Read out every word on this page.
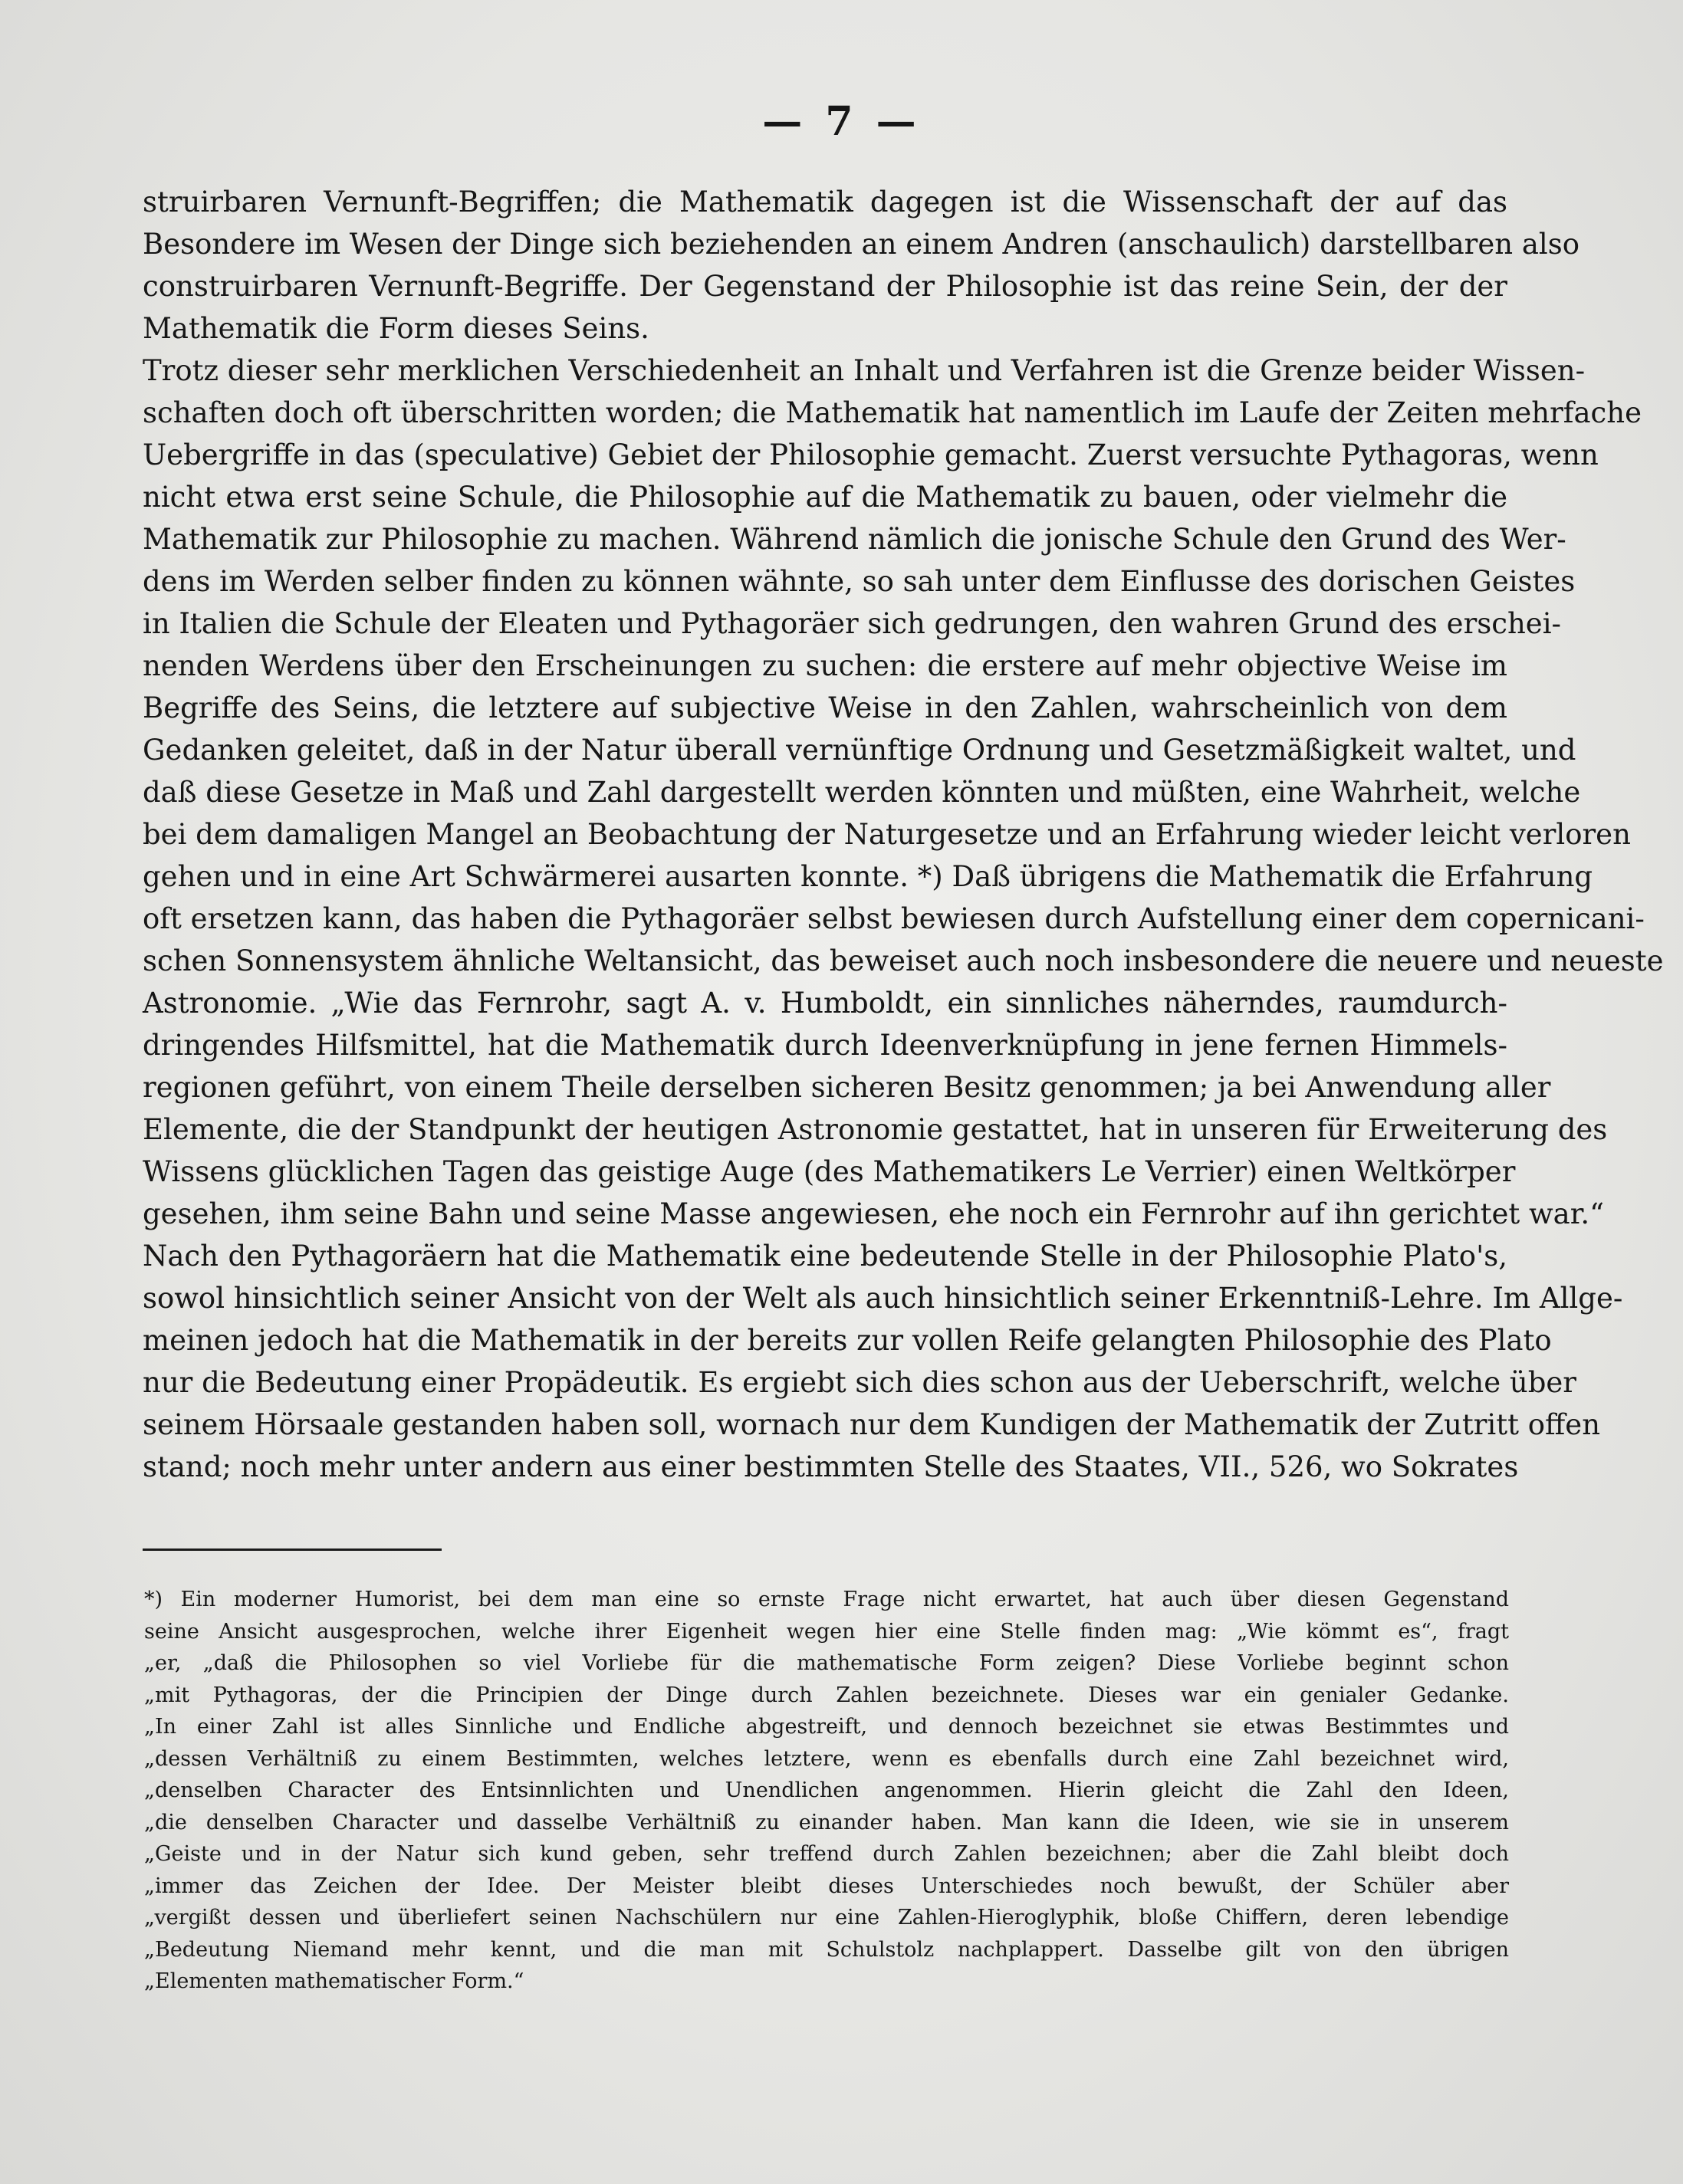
— 7 —
struirbaren Vernunft-Begriffen; die Mathematik dagegen ist die Wissenschaft der auf das
Besondere im Wesen der Dinge sich beziehenden an einem Andren (anschaulich) darstellbaren also
construirbaren Vernunft-Begriffe. Der Gegenstand der Philosophie ist das reine Sein, der der
Mathematik die Form dieses Seins.
Trotz dieser sehr merklichen Verschiedenheit an Inhalt und Verfahren ist die Grenze beider Wissen-
schaften doch oft überschritten worden; die Mathematik hat namentlich im Laufe der Zeiten mehrfache
Uebergriffe in das (speculative) Gebiet der Philosophie gemacht. Zuerst versuchte Pythagoras, wenn
nicht etwa erst seine Schule, die Philosophie auf die Mathematik zu bauen, oder vielmehr die
Mathematik zur Philosophie zu machen. Während nämlich die jonische Schule den Grund des Wer-
dens im Werden selber finden zu können wähnte, so sah unter dem Einflusse des dorischen Geistes
in Italien die Schule der Eleaten und Pythagoräer sich gedrungen, den wahren Grund des erschei-
nenden Werdens über den Erscheinungen zu suchen: die erstere auf mehr objective Weise im
Begriffe des Seins, die letztere auf subjective Weise in den Zahlen, wahrscheinlich von dem
Gedanken geleitet, daß in der Natur überall vernünftige Ordnung und Gesetzmäßigkeit waltet, und
daß diese Gesetze in Maß und Zahl dargestellt werden könnten und müßten, eine Wahrheit, welche
bei dem damaligen Mangel an Beobachtung der Naturgesetze und an Erfahrung wieder leicht verloren
gehen und in eine Art Schwärmerei ausarten konnte. *) Daß übrigens die Mathematik die Erfahrung
oft ersetzen kann, das haben die Pythagoräer selbst bewiesen durch Aufstellung einer dem copernicani-
schen Sonnensystem ähnliche Weltansicht, das beweiset auch noch insbesondere die neuere und neueste
Astronomie. „Wie das Fernrohr, sagt A. v. Humboldt, ein sinnliches näherndes, raumdurch-
dringendes Hilfsmittel, hat die Mathematik durch Ideenverknüpfung in jene fernen Himmels-
regionen geführt, von einem Theile derselben sicheren Besitz genommen; ja bei Anwendung aller
Elemente, die der Standpunkt der heutigen Astronomie gestattet, hat in unseren für Erweiterung des
Wissens glücklichen Tagen das geistige Auge (des Mathematikers Le Verrier) einen Weltkörper
gesehen, ihm seine Bahn und seine Masse angewiesen, ehe noch ein Fernrohr auf ihn gerichtet war.“
Nach den Pythagoräern hat die Mathematik eine bedeutende Stelle in der Philosophie Plato's,
sowol hinsichtlich seiner Ansicht von der Welt als auch hinsichtlich seiner Erkenntniß-Lehre. Im Allge-
meinen jedoch hat die Mathematik in der bereits zur vollen Reife gelangten Philosophie des Plato
nur die Bedeutung einer Propädeutik. Es ergiebt sich dies schon aus der Ueberschrift, welche über
seinem Hörsaale gestanden haben soll, wornach nur dem Kundigen der Mathematik der Zutritt offen
stand; noch mehr unter andern aus einer bestimmten Stelle des Staates, VII., 526, wo Sokrates
*) Ein moderner Humorist, bei dem man eine so ernste Frage nicht erwartet, hat auch über diesen Gegenstand
seine Ansicht ausgesprochen, welche ihrer Eigenheit wegen hier eine Stelle finden mag: „Wie kömmt es“, fragt
„er, „daß die Philosophen so viel Vorliebe für die mathematische Form zeigen? Diese Vorliebe beginnt schon
„mit Pythagoras, der die Principien der Dinge durch Zahlen bezeichnete. Dieses war ein genialer Gedanke.
„In einer Zahl ist alles Sinnliche und Endliche abgestreift, und dennoch bezeichnet sie etwas Bestimmtes und
„dessen Verhältniß zu einem Bestimmten, welches letztere, wenn es ebenfalls durch eine Zahl bezeichnet wird,
„denselben Character des Entsinnlichten und Unendlichen angenommen. Hierin gleicht die Zahl den Ideen,
„die denselben Character und dasselbe Verhältniß zu einander haben. Man kann die Ideen, wie sie in unserem
„Geiste und in der Natur sich kund geben, sehr treffend durch Zahlen bezeichnen; aber die Zahl bleibt doch
„immer das Zeichen der Idee. Der Meister bleibt dieses Unterschiedes noch bewußt, der Schüler aber
„vergißt dessen und überliefert seinen Nachschülern nur eine Zahlen-Hieroglyphik, bloße Chiffern, deren lebendige
„Bedeutung Niemand mehr kennt, und die man mit Schulstolz nachplappert. Dasselbe gilt von den übrigen
„Elementen mathematischer Form.“
